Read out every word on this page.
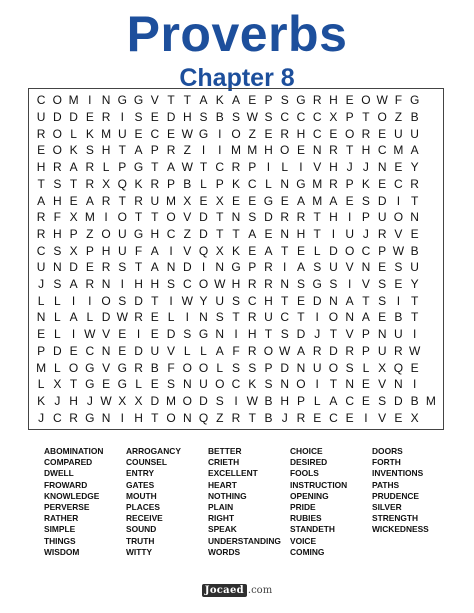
Proverbs
Chapter 8
C O M I N G G V T T A K A E P S G R H E O W F G
U D D E R I S E D H S B S W S C C C X P T O Z B
R O L K M U E C E W G I O Z E R H C E O R E U U
E O K S H T A P R Z I	I M M H O E N R T H C M A
H R A R L P G T A W T C R P I L I V H J J N E Y
T S T R X Q K R P B L P K C L N G M R P K E C R
A H E A R T R U M X E X E E G E A M A E S D I T
R F X M I O T T O V D T N S D R R T H I P U O N
R H P Z O U G H C Z D T T A E N H T I U J R V E
C S X P H U F A I V Q X K E A T E L D O C P W B
U N D E R S T A N D I N G P R I A S U V N E S U
J S A R N I H H S C O W H R R N S G S I V S E Y
L L I	I O S D T I W Y U S C H T E D N A T S I T
N L A L D W R E L I N S T R U C T I O N A E B T
E L I W V E I E D S G N I H T S D J T V P N U I
P D E C N E D U V L L A F R O W A R D R P U R W
M L O G V G R B F O O L S S P D N U O S L X Q E
L X T G E G L E S N U O C K S N O I T N E V N I
K J H J W X X D M O D S I W B H P L A C E S D B M
J C R G N I H T O N Q Z R T B J R E C E I V E X
ABOMINATION
COMPARED
DWELL
FROWARD
KNOWLEDGE
PERVERSE
RATHER
SIMPLE
THINGS
WISDOM
ARROGANCY
COUNSEL
ENTRY
GATES
MOUTH
PLACES
RECEIVE
SOUND
TRUTH
WITTY
BETTER
CRIETH
EXCELLENT
HEART
NOTHING
PLAIN
RIGHT
SPEAK
UNDERSTANDING
WORDS
CHOICE
DESIRED
FOOLS
INSTRUCTION
OPENING
PRIDE
RUBIES
STANDETH
VOICE
COMING
DOORS
FORTH
INVENTIONS
PATHS
PRUDENCE
SILVER
STRENGTH
WICKEDNESS
Jocaed .com
